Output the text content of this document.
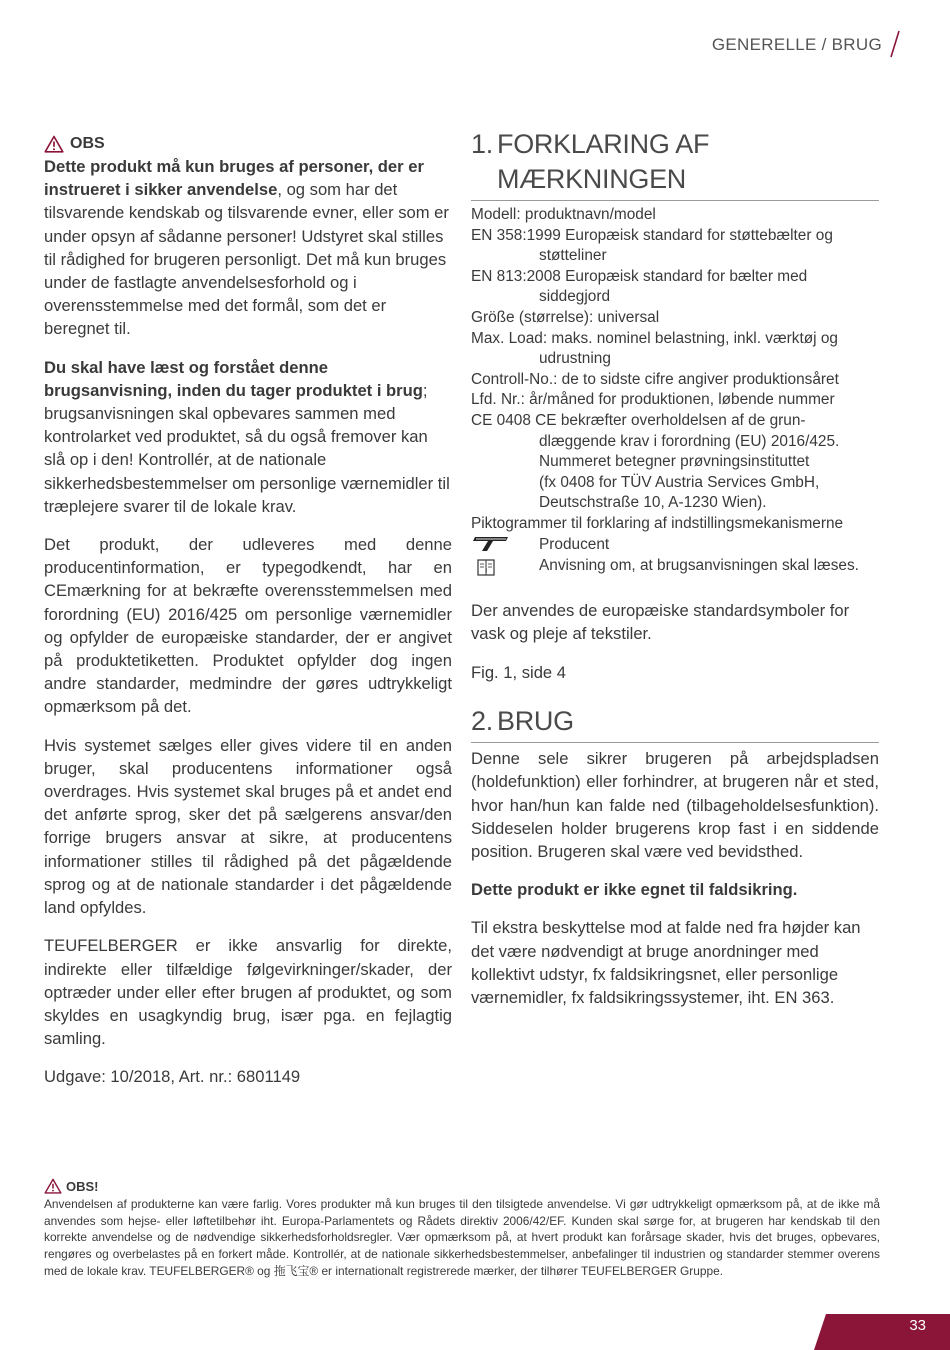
GENERELLE / BRUG
OBS

Dette produkt må kun bruges af personer, der er instrueret i sikker anvendelse, og som har det tilsvarende kendskab og tilsvarende evner, eller som er under opsyn af sådanne personer! Udstyret skal stilles til rådighed for brugeren personligt. Det må kun bruges under de fastlagte anvendelsesforhold og i overensstemmelse med det formål, som det er beregnet til.

Du skal have læst og forstået denne brugsanvisning, inden du tager produktet i brug; brugsanvisningen skal opbevares sammen med kontrolarket ved produktet, så du også fremover kan slå op i den! Kontrollér, at de nationale sikkerhedsbestemmelser om personlige værnemidler til træplejere svarer til de lokale krav.

Det produkt, der udleveres med denne producentinformation, er typegodkendt, har en CEmærkning for at bekræfte overensstemmelsen med forordning (EU) 2016/425 om personlige værnemidler og opfylder de europæiske standarder, der er angivet på produktetiketten. Produktet opfylder dog ingen andre standarder, medmindre der gøres udtrykkeligt opmærksom på det.

Hvis systemet sælges eller gives videre til en anden bruger, skal producentens informationer også overdrages. Hvis systemet skal bruges på et andet end det anførte sprog, sker det på sælgerens ansvar/den forrige brugers ansvar at sikre, at producentens informationer stilles til rådighed på det pågældende sprog og at de nationale standarder i det pågældende land opfyldes.

TEUFELBERGER er ikke ansvarlig for direkte, indirekte eller tilfældige følgevirkninger/skader, der optræder under eller efter brugen af produktet, og som skyldes en usagkyndig brug, især pga. en fejlagtig samling.

Udgave: 10/2018, Art. nr.: 6801149

1. FORKLARING AF
MÆRKNINGEN
Modell: produktnavn/model
EN 358:1999 Europæisk standard for støttebælter og
støtteliner
EN 813:2008 Europæisk standard for bælter med
siddegjord
Größe (størrelse): universal
Max. Load: maks. nominel belastning, inkl. værktøj og
udrustning
Controll-No.: de to sidste cifre angiver produktionsåret
Lfd. Nr.: år/måned for produktionen, løbende nummer
CE 0408 CE bekræfter overholdelsen af de grun-
dlæggende krav i forordning (EU) 2016/425.
Nummeret betegner prøvningsinstituttet
(fx 0408 for TÜV Austria Services GmbH,
Deutschstraße 10, A-1230 Wien).
Piktogrammer til forklaring af indstillingsmekanismerne
Producent
i	Anvisning om, at brugsanvisningen skal læses.

Der anvendes de europæiske standardsymboler for vask og pleje af tekstiler.

Fig. 1, side 4

2. BRUG

Denne sele sikrer brugeren på arbejdspladsen (holdefunktion) eller forhindrer, at brugeren når et sted, hvor han/hun kan falde ned (tilbageholdelsesfunktion). Siddeselen holder brugerens krop fast i en siddende position. Brugeren skal være ved bevidsthed.

Dette produkt er ikke egnet til faldsikring.

Til ekstra beskyttelse mod at falde ned fra højder kan det være nødvendigt at bruge anordninger med kollektivt udstyr, fx faldsikringsnet, eller personlige værnemidler, fx faldsikringssystemer, iht. EN 363.

OBS!

Anvendelsen af produkterne kan være farlig. Vores produkter må kun bruges til den tilsigtede anvendelse. Vi gør udtrykkeligt opmærksom på, at de ikke må anvendes som hejse- eller løftetilbehør iht. Europa-Parlamentets og Rådets direktiv 2006/42/EF. Kunden skal sørge for, at brugeren har kendskab til den korrekte anvendelse og de nødvendige sikkerhedsforholdsregler. Vær opmærksom på, at hvert produkt kan forårsage skader, hvis det bruges, opbevares, rengøres og overbelastes på en forkert måde. Kontrollér, at de nationale sikkerhedsbestemmelser, anbefalinger til industrien og standarder stemmer overens med de lokale krav. TEUFELBERGER® og 拖飞宝® er internationalt registrerede mærker, der tilhører TEUFELBERGER Gruppe.

33
